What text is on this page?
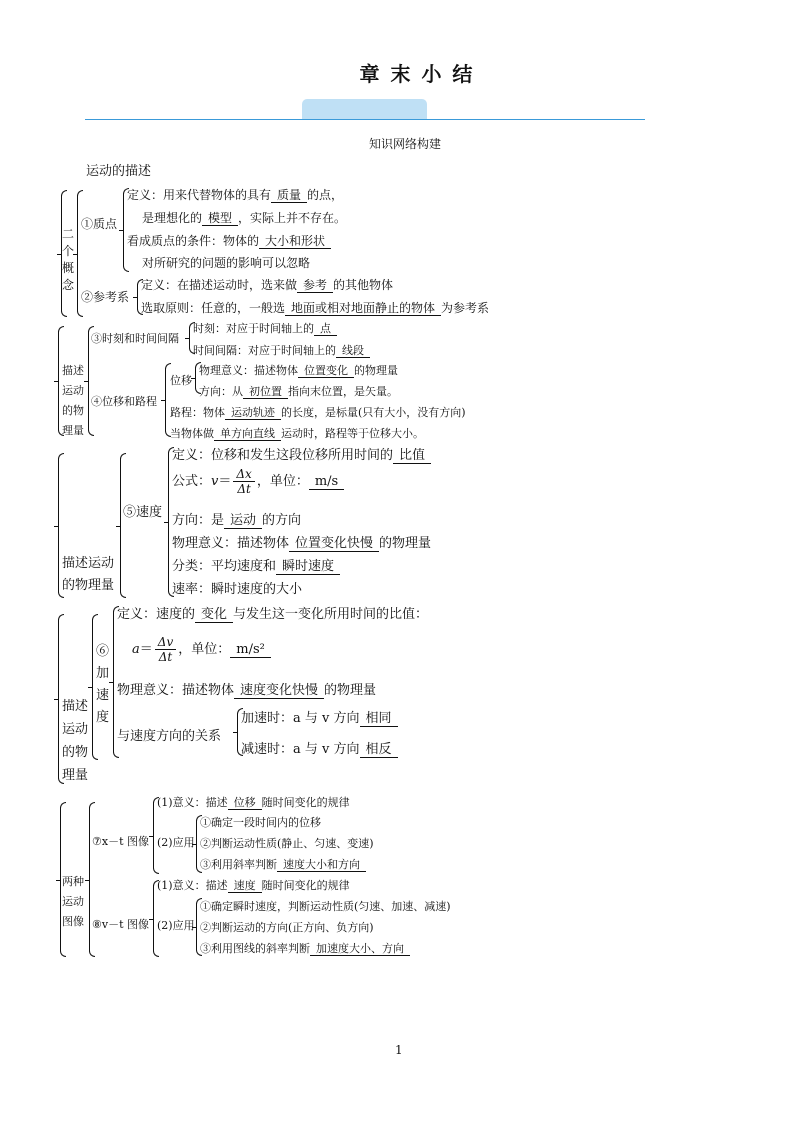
章 末 小 结
知识网络构建
运动的描述
二个概念
①质点
定义：用来代替物体的具有 质量 的点，
是理想化的 模型 ，实际上并不存在。
看成质点的条件：物体的 大小和形状
对所研究的问题的影响可以忽略
②参考系
定义：在描述运动时，选来做 参考 的其他物体
选取原则：任意的，一般选 地面或相对地面静止的物体 为参考系
描述运动的物理量
③时刻和时间间隔
时刻：对应于时间轴上的 点
时间间隔：对应于时间轴上的 线段
④位移和路程
位移
物理意义：描述物体 位置变化 的物理量
方向：从 初位置 指向末位置，是矢量。
路程：物体 运动轨迹 的长度，是标量(只有大小，没有方向)
当物体做 单方向直线 运动时，路程等于位移大小。
描述运动的物理量
⑤速度
定义：位移和发生这段位移所用时间的 比值
公式：$v= \frac{\Delta x}{\Delta t}$ ，单位： m/s
方向：是 运动 的方向
物理意义：描述物体 位置变化快慢 的物理量
分类：平均速度和 瞬时速度
速率：瞬时速度的大小
描述运动的物理量
⑥加速度
定义：速度的 变化 与发生这一变化所用时间的比值：
$a= \frac{\Delta v}{\Delta t}$ ，单位： m/s²
物理意义：描述物体 速度变化快慢 的物理量
与速度方向的关系
加速时：a 与 v 方向 相同
减速时：a 与 v 方向 相反
两种运动图像
⑦x－t 图像
(1)意义：描述 位移 随时间变化的规律
(2)应用
①确定一段时间内的位移
②判断运动性质(静止、匀速、变速)
③利用斜率判断 速度大小和方向
⑧v－t 图像
(1)意义：描述 速度 随时间变化的规律
(2)应用
①确定瞬时速度，判断运动性质(匀速、加速、减速)
②判断运动的方向(正方向、负方向)
③利用图线的斜率判断 加速度大小、方向
1
